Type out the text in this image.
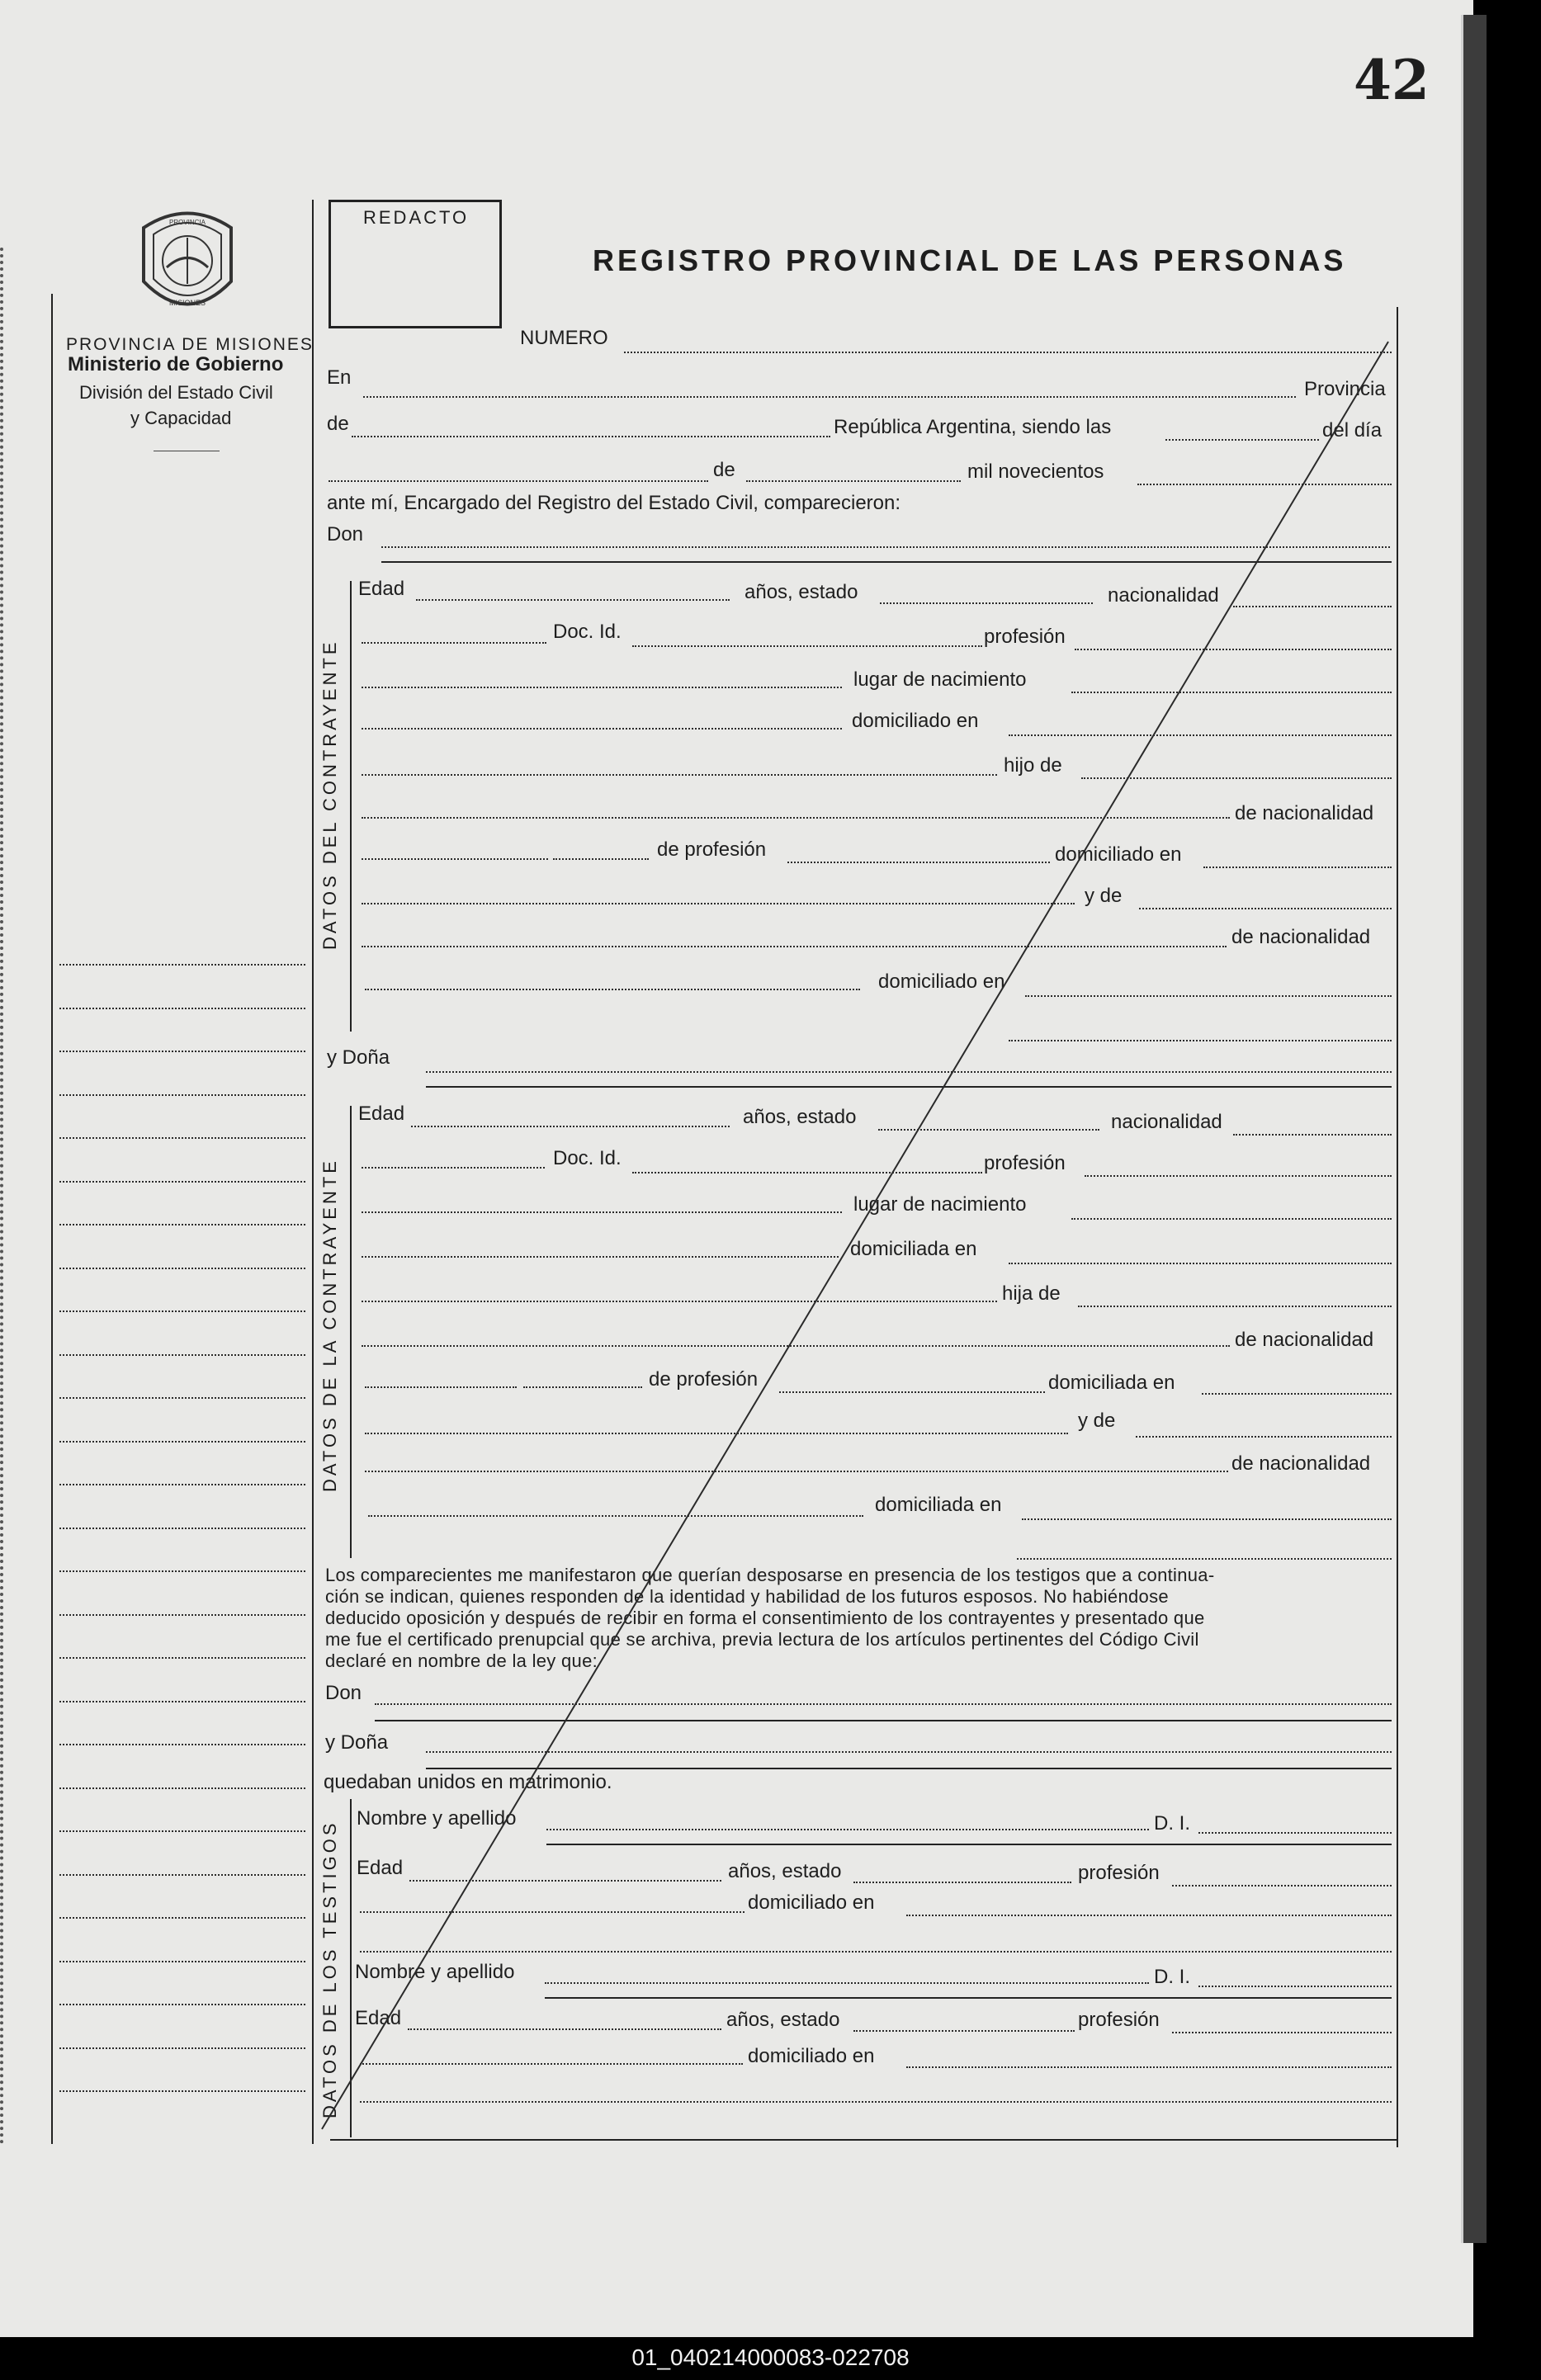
42
REDACTO
REGISTRO PROVINCIAL DE LAS PERSONAS
PROVINCIA
MISIONES
PROVINCIA DE MISIONES
Ministerio de Gobierno
División del Estado Civil
y Capacidad
NUMERO
En
Provincia
de	República Argentina, siendo las	del día
de	mil novecientos
ante mí, Encargado del Registro del Estado Civil, comparecieron:
Don
DATOS DEL CONTRAYENTE
Edad	años, estado	nacionalidad
Doc. Id.	profesión
lugar de nacimiento
domiciliado en
hijo de
de nacionalidad
de profesión	domiciliado en
y de
de nacionalidad
domiciliado en
y Doña
DATOS DE LA CONTRAYENTE
Edad	años, estado	nacionalidad
Doc. Id.	profesión
lugar de nacimiento
domiciliada en
hija de
de nacionalidad
de profesión	domiciliada en
y de
de nacionalidad
domiciliada en
Los comparecientes me manifestaron que querían desposarse en presencia de los testigos que a continua-
ción se indican, quienes responden de la identidad y habilidad de los futuros esposos. No habiéndose
deducido oposición y después de recibir en forma el consentimiento de los contrayentes y presentado que
me fue el certificado prenupcial que se archiva, previa lectura de los artículos pertinentes del Código Civil
declaré en nombre de la ley que:
Don
y Doña
quedaban unidos en matrimonio.
DATOS DE LOS TESTIGOS
Nombre y apellido	D. I.
Edad	años, estado	profesión
domiciliado en
Nombre y apellido	D. I.
Edad	años, estado	profesión
domiciliado en
01_040214000083-022708
